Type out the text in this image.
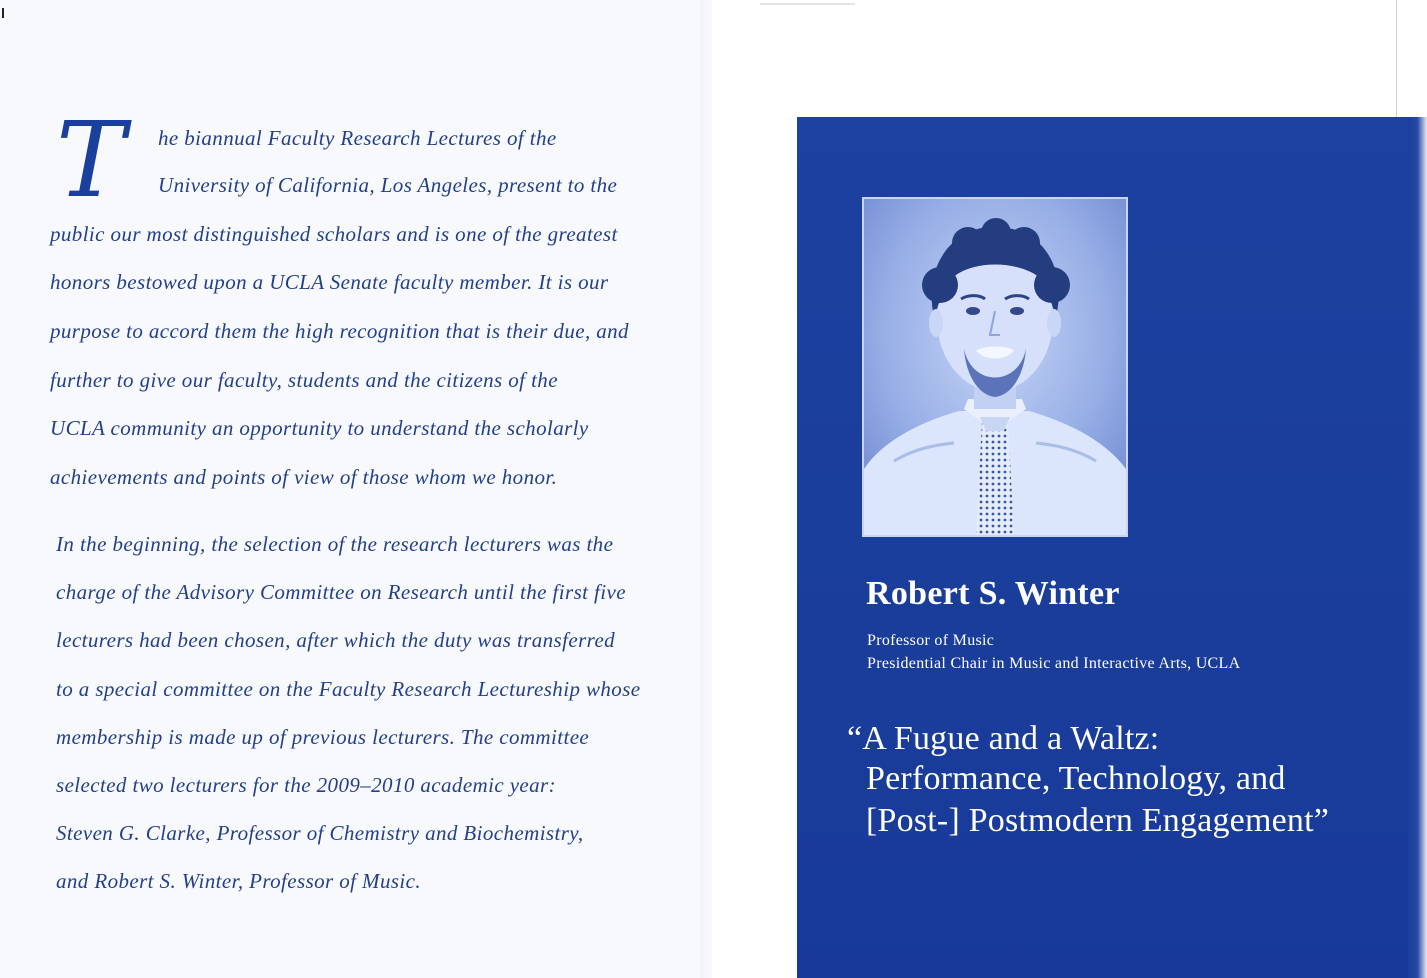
T he biannual Faculty Research Lectures of the
University of California, Los Angeles, present to the
public our most distinguished scholars and is one of the greatest
honors bestowed upon a UCLA Senate faculty member. It is our
purpose to accord them the high recognition that is their due, and
further to give our faculty, students and the citizens of the
UCLA community an opportunity to understand the scholarly
achievements and points of view of those whom we honor.
In the beginning, the selection of the research lecturers was the
charge of the Advisory Committee on Research until the first five
lecturers had been chosen, after which the duty was transferred
to a special committee on the Faculty Research Lectureship whose
membership is made up of previous lecturers. The committee
selected two lecturers for the 2009–2010 academic year:
Steven G. Clarke, Professor of Chemistry and Biochemistry,
and Robert S. Winter, Professor of Music.
Robert S. Winter
Professor of Music
Presidential Chair in Music and Interactive Arts, UCLA
“A Fugue and a Waltz:
Performance, Technology, and
[Post-] Postmodern Engagement”
